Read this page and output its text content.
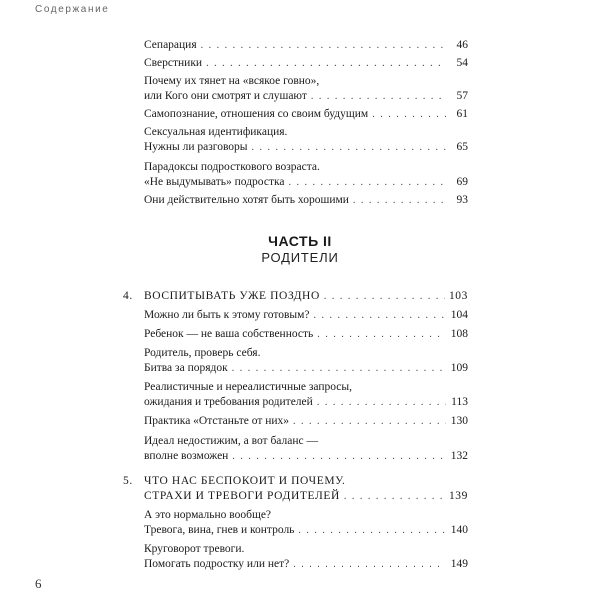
Содержание
Сепарация . . .	46
Сверстники . . .	54
Почему их тянет на «всякое говно»,
или Кого они смотрят и слушают . . .	57
Самопознание, отношения со своим будущим . . .	61
Сексуальная идентификация.
Нужны ли разговоры . . .	65
Парадоксы подросткового возраста.
«Не выдумывать» подростка . . .	69
Они действительно хотят быть хорошими . . .	93
4. ВОСПИТЫВАТЬ УЖЕ ПОЗДНО . . .	103
Можно ли быть к этому готовым? . . .	104
Ребенок — не ваша собственность . . .	108
Родитель, проверь себя.
Битва за порядок . . .	109
Реалистичные и нереалистичные запросы,
ожидания и требования родителей . . .	113
Практика «Отстаньте от них» . . .	130
Идеал недостижим, а вот баланс —
вполне возможен . . .	132
5. ЧТО НАС БЕСПОКОИТ И ПОЧЕМУ.
СТРАХИ И ТРЕВОГИ РОДИТЕЛЕЙ . . .	139
А это нормально вообще?
Тревога, вина, гнев и контроль . . .	140
Круговорот тревоги.
Помогать подростку или нет? . . .	149
ЧАСТЬ II
РОДИТЕЛИ
6
